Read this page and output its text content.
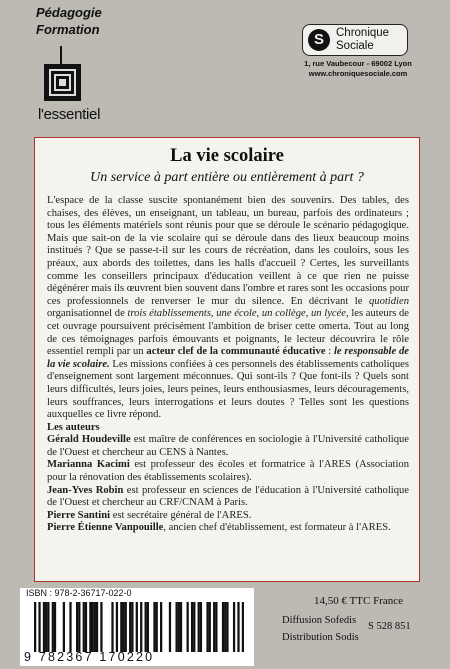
Pédagogie
Formation
l'essentiel
S	Chronique
Sociale
1, rue Vaubecour - 69002 Lyon
www.chroniquesociale.com
La vie scolaire
Un service à part entière ou entièrement à part ?

L'espace de la classe suscite spontanément bien des souvenirs. Des tables, des chaises, des élèves, un enseignant, un tableau, un bureau, parfois des ordinateurs ; tous les éléments matériels sont réunis pour que se déroule le scénario pédagogique. Mais que sait-on de la vie scolaire qui se déroule dans des lieux beaucoup moins institués ? Que se passe-t-il sur les cours de récréation, dans les couloirs, sous les préaux, aux abords des toilettes, dans les halls d'accueil ? Certes, les surveillants comme les conseillers principaux d'éducation veillent à ce que rien ne puisse dégénérer mais ils œuvrent bien souvent dans l'ombre et rares sont les occasions pour ces professionnels de renverser le mur du silence. En décrivant le quotidien organisationnel de trois établissements, une école, un collège, un lycée, les auteurs de cet ouvrage poursuivent précisément l'ambition de briser cette omerta. Tout au long de ces témoignages parfois émouvants et poignants, le lecteur découvrira le rôle essentiel rempli par un acteur clef de la communauté éducative : le responsable de la vie scolaire. Les missions confiées à ces personnels des établissements catholiques d'enseignement sont largement méconnues. Qui sont-ils ? Que font-ils ? Quels sont leurs difficultés, leurs joies, leurs peines, leurs enthousiasmes, leurs découragements, leurs souffrances, leurs interrogations et leurs doutes ? Telles sont les questions auxquelles ce livre répond.

Les auteurs

Gérald Houdeville est maître de conférences en sociologie à l'Université catholique de l'Ouest et chercheur au CENS à Nantes.

Marianna Kacimi est professeur des écoles et formatrice à l'ARES (Association pour la rénovation des établissements scolaires).

Jean-Yves Robin est professeur en sciences de l'éducation à l'Université catholique de l'Ouest et chercheur au CRF/CNAM à Paris.

Pierre Santini est secrétaire général de l'ARES.

Pierre Étienne Vanpouille, ancien chef d'établissement, est formateur à l'ARES.

ISBN : 978-2-36717-022-0
9 782367 170220
14,50 € TTC France
Diffusion Sofedis
S 528 851
Distribution Sodis
